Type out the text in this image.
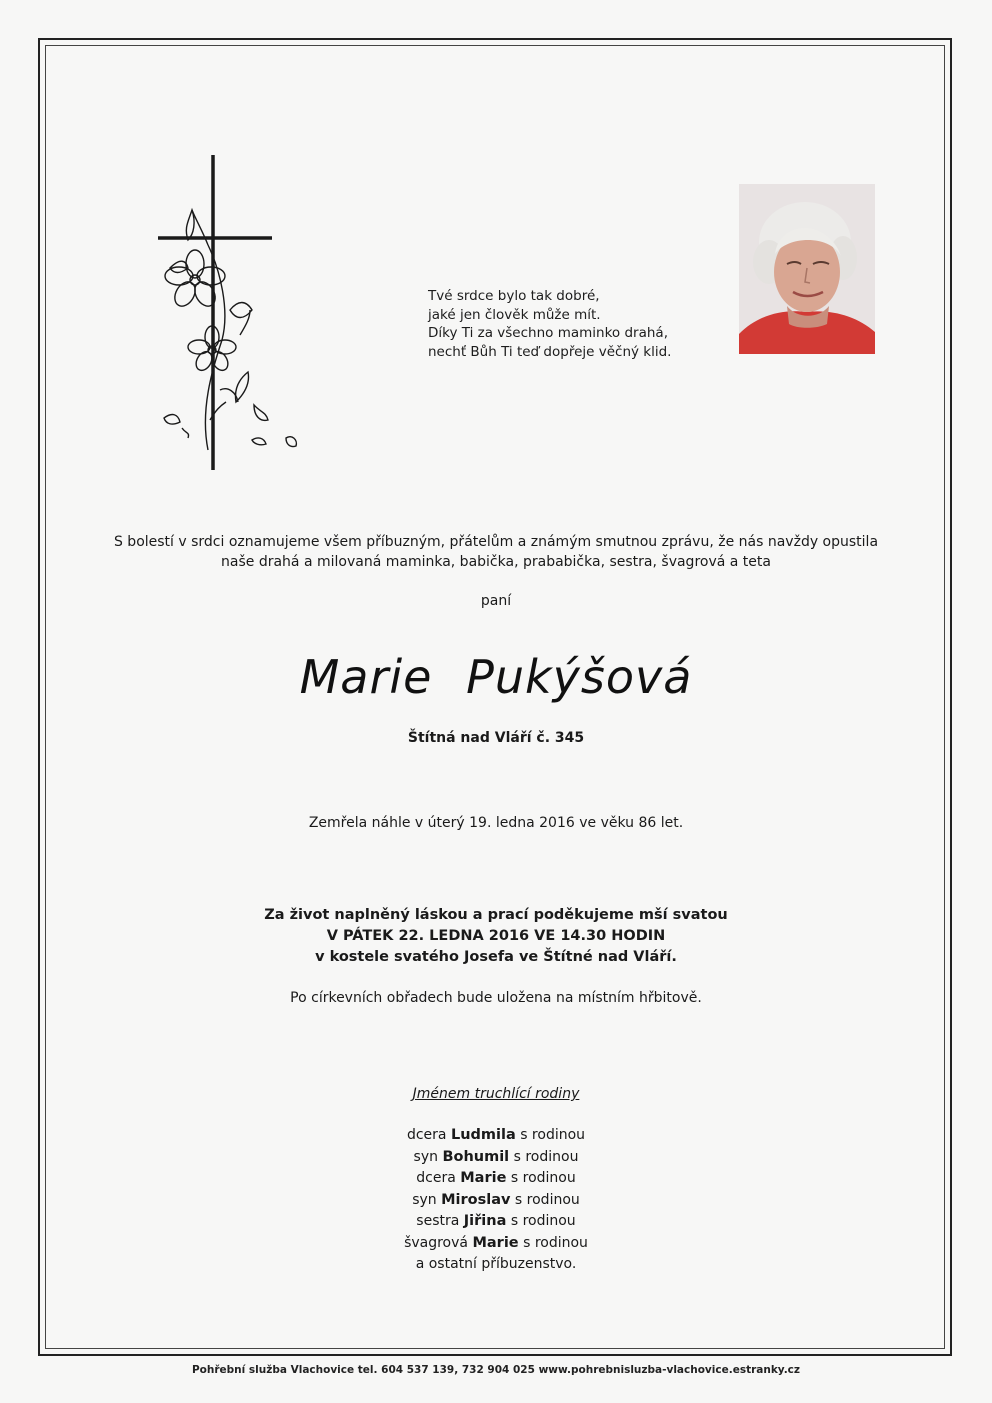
Tvé srdce bylo tak dobré,
jaké jen člověk může mít.
Díky Ti za všechno maminko drahá,
nechť Bůh Ti teď dopřeje věčný klid.
S bolestí v srdci oznamujeme všem příbuzným, přátelům a známým smutnou zprávu, že nás navždy opustila
naše drahá a milovaná maminka, babička, prababička, sestra, švagrová a teta
paní
Marie Pukýšová
Štítná nad Vláří č. 345
Zemřela náhle v úterý 19. ledna 2016 ve věku 86 let.
Za život naplněný láskou a prací poděkujeme mší svatou
V PÁTEK 22. LEDNA 2016 VE 14.30 HODIN
v kostele svatého Josefa ve Štítné nad Vláří.
Po církevních obřadech bude uložena na místním hřbitově.
Jménem truchlící rodiny
dcera Ludmila s rodinou
syn Bohumil s rodinou
dcera Marie s rodinou
syn Miroslav s rodinou
sestra Jiřina s rodinou
švagrová Marie s rodinou
a ostatní příbuzenstvo.
Pohřební služba Vlachovice tel. 604 537 139, 732 904 025 www.pohrebnisluzba-vlachovice.estranky.cz
